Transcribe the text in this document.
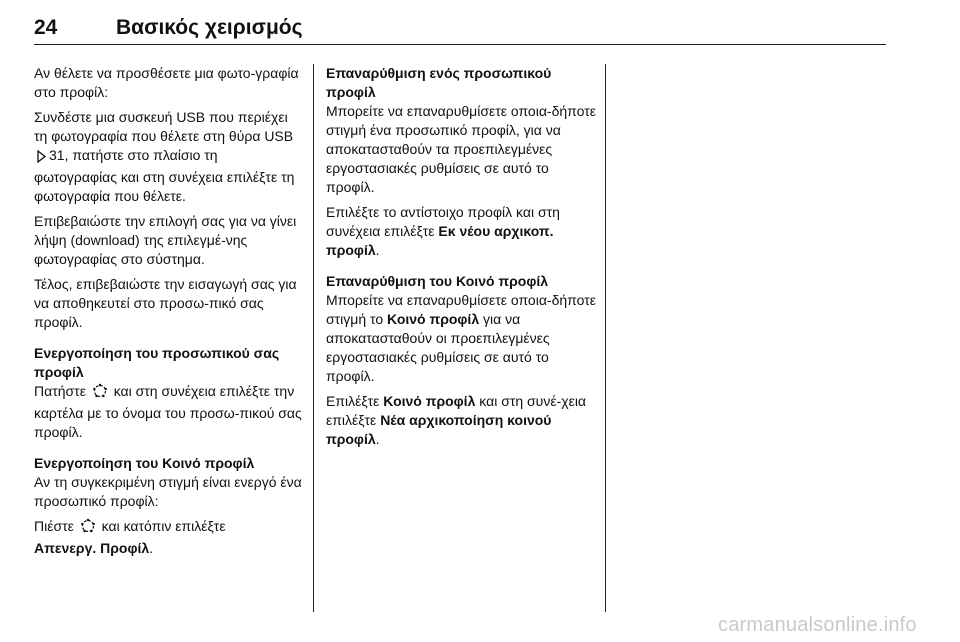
24	Βασικός χειρισμός

Αν θέλετε να προσθέσετε μια φωτο-γραφία στο προφίλ:

Συνδέστε μια συσκευή USB που περιέχει τη φωτογραφία που θέλετε στη θύρα USB 31, πατήστε στο πλαίσιο τη φωτογραφίας και στη συνέχεια επιλέξτε τη φωτογραφία που θέλετε.

Επιβεβαιώστε την επιλογή σας για να γίνει λήψη (download) της επιλεγμέ-νης φωτογραφίας στο σύστημα.

Τέλος, επιβεβαιώστε την εισαγωγή σας για να αποθηκευτεί στο προσω-πικό σας προφίλ.

Ενεργοποίηση του προσωπικού σας προφίλ

Πατήστε  και στη συνέχεια επιλέξτε την καρτέλα με το όνομα του προσω-πικού σας προφίλ.

Ενεργοποίηση του Κοινό προφίλ

Αν τη συγκεκριμένη στιγμή είναι ενεργό ένα προσωπικό προφίλ:

Πιέστε  και κατόπιν επιλέξτε
Απενεργ. Προφίλ.

Επαναρύθμιση ενός προσωπικού προφίλ

Μπορείτε να επαναρυθμίσετε οποια-δήποτε στιγμή ένα προσωπικό προφίλ, για να αποκατασταθούν τα προεπιλεγμένες εργοστασιακές ρυθμίσεις σε αυτό το προφίλ.

Επιλέξτε το αντίστοιχο προφίλ και στη συνέχεια επιλέξτε Εκ νέου αρχικοπ. προφίλ.

Επαναρύθμιση του Κοινό προφίλ

Μπορείτε να επαναρυθμίσετε οποια-δήποτε στιγμή το Κοινό προφίλ για να αποκατασταθούν οι προεπιλεγμένες εργοστασιακές ρυθμίσεις σε αυτό το προφίλ.

Επιλέξτε Κοινό προφίλ και στη συνέ-χεια επιλέξτε Νέα αρχικοποίηση κοινού προφίλ.

carmanualsonline.info
